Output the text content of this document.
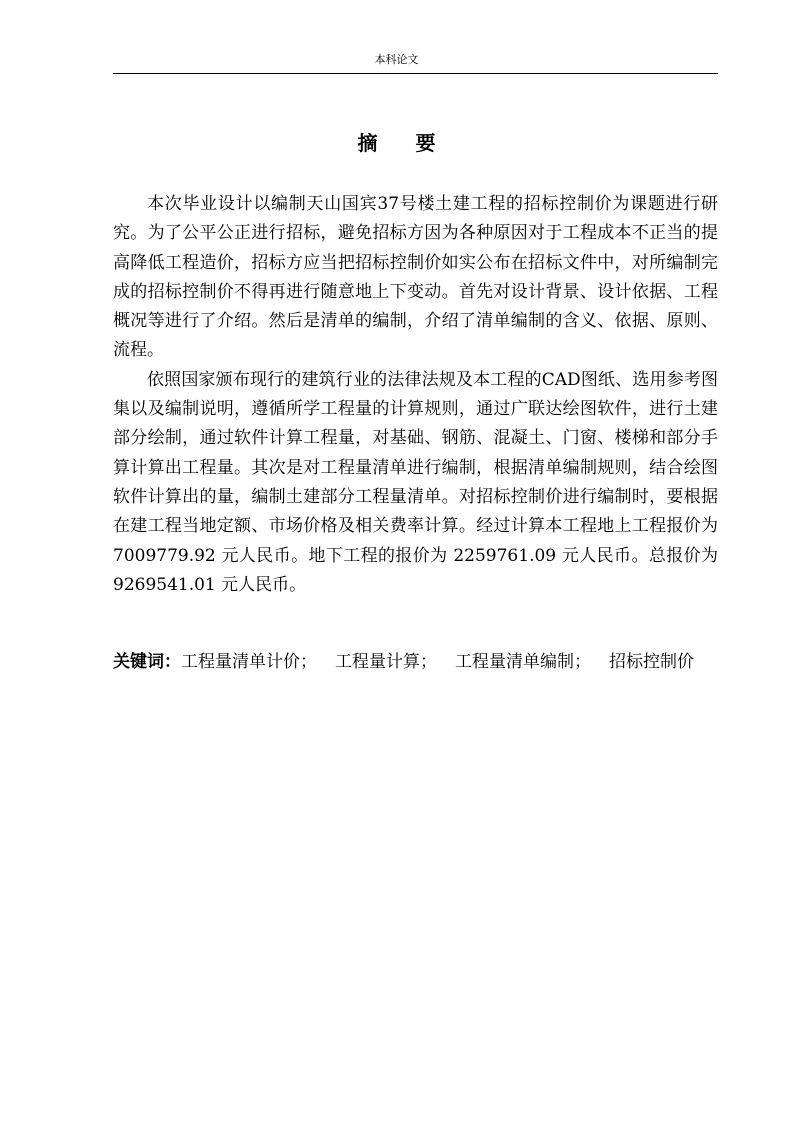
本科论文
摘 要

本次毕业设计以编制天山国宾37号楼土建工程的招标控制价为课题进行研究。为了公平公正进行招标，避免招标方因为各种原因对于工程成本不正当的提高降低工程造价，招标方应当把招标控制价如实公布在招标文件中，对所编制完成的招标控制价不得再进行随意地上下变动。首先对设计背景、设计依据、工程概况等进行了介绍。然后是清单的编制，介绍了清单编制的含义、依据、原则、流程。

依照国家颁布现行的建筑行业的法律法规及本工程的CAD图纸、选用参考图集以及编制说明，遵循所学工程量的计算规则，通过广联达绘图软件，进行土建部分绘制，通过软件计算工程量，对基础、钢筋、混凝土、门窗、楼梯和部分手算计算出工程量。其次是对工程量清单进行编制，根据清单编制规则，结合绘图软件计算出的量，编制土建部分工程量清单。对招标控制价进行编制时，要根据在建工程当地定额、市场价格及相关费率计算。经过计算本工程地上工程报价为 7009779.92 元人民币。地下工程的报价为 2259761.09 元人民币。总报价为 9269541.01 元人民币。

关键词：工程量清单计价； 工程量计算； 工程量清单编制； 招标控制价
